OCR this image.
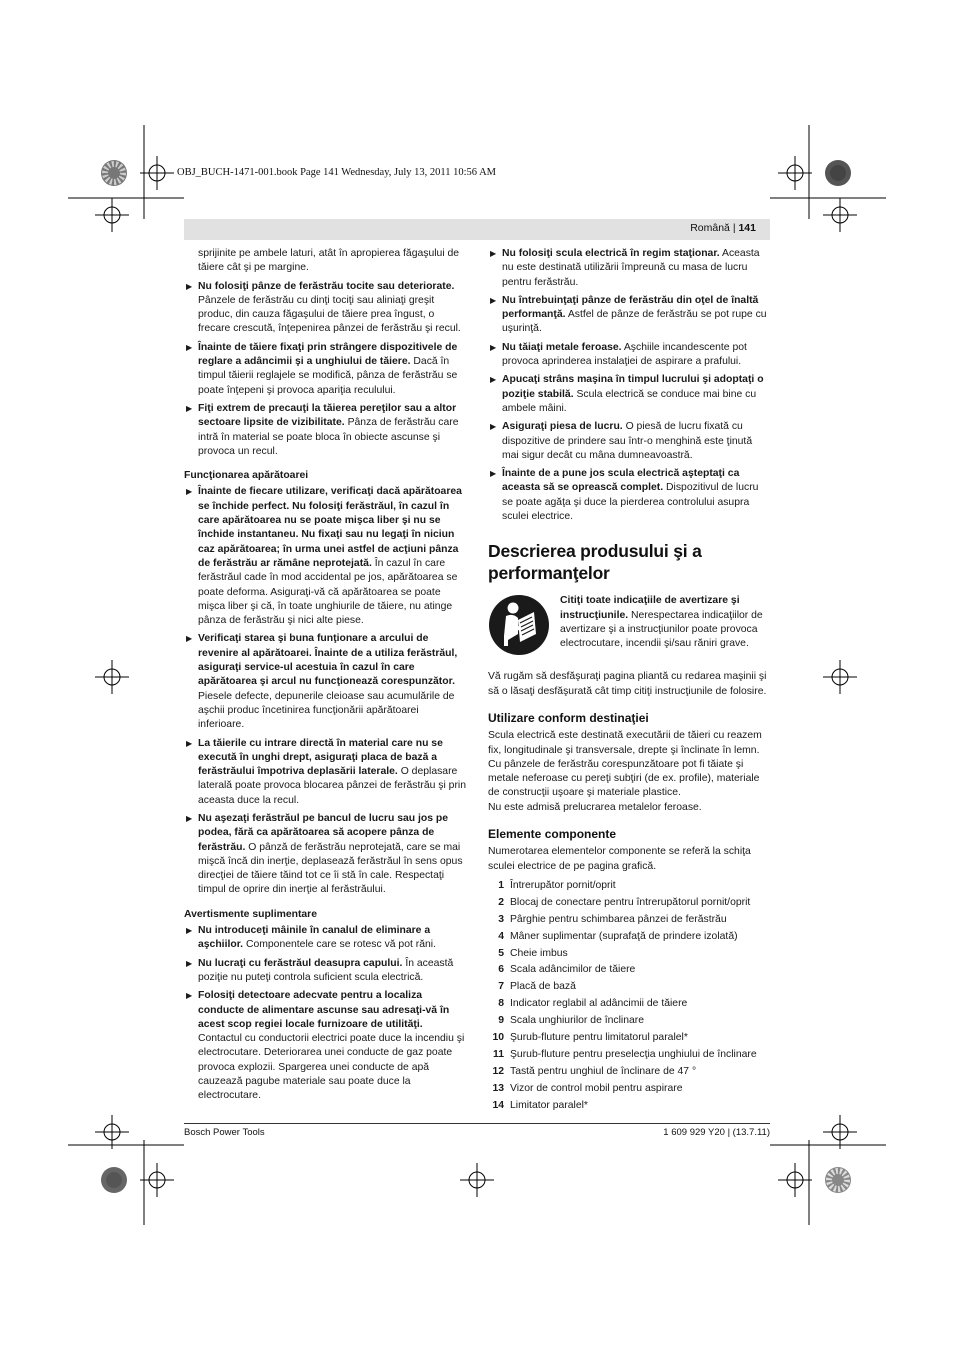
OBJ_BUCH-1471-001.book Page 141 Wednesday, July 13, 2011 10:56 AM
Română | 141

sprijinite pe ambele laturi, atât în apropierea făgaşului de tăiere cât şi pe margine.

▶ Nu folosiţi pânze de ferăstrău tocite sau deteriorate. Pânzele de ferăstrău cu dinţi tociţi sau aliniaţi greşit produc, din cauza făgaşului de tăiere prea îngust, o frecare crescută, înţepenirea pânzei de ferăstrău şi recul.
▶ Înainte de tăiere fixaţi prin strângere dispozitivele de reglare a adâncimii şi a unghiului de tăiere. Dacă în timpul tăierii reglajele se modifică, pânza de ferăstrău se poate înţepeni şi provoca apariţia reculului.
▶ Fiţi extrem de precauţi la tăierea pereţilor sau a altor sectoare lipsite de vizibilitate. Pânza de ferăstrău care intră în material se poate bloca în obiecte ascunse şi provoca un recul.
Funcţionarea apărătoarei
▶ Înainte de fiecare utilizare, verificaţi dacă apărătoarea se închide perfect. Nu folosiţi ferăstrăul, în cazul în care apărătoarea nu se poate mişca liber şi nu se închide instantaneu. Nu fixaţi sau nu legaţi în niciun caz apărătoarea; în urma unei astfel de acţiuni pânza de ferăstrău ar rămâne neprotejată. În cazul în care ferăstrăul cade în mod accidental pe jos, apărătoarea se poate deforma. Asiguraţi-vă că apărătoarea se poate mişca liber şi că, în toate unghiurile de tăiere, nu atinge pânza de ferăstrău şi nici alte piese.
▶ Verificaţi starea şi buna funţionare a arcului de revenire al apărătoarei. Înainte de a utiliza ferăstrăul, asiguraţi service-ul acestuia în cazul în care apărătoarea şi arcul nu funcţionează corespunzător. Piesele defecte, depunerile cleioase sau acumulările de aşchii produc încetinirea funcţionării apărătoarei inferioare.
▶ La tăierile cu intrare directă în material care nu se execută în unghi drept, asiguraţi placa de bază a ferăstrăului împotriva deplasării laterale. O deplasare laterală poate provoca blocarea pânzei de ferăstrău şi prin aceasta duce la recul.
▶ Nu aşezaţi ferăstrăul pe bancul de lucru sau jos pe podea, fără ca apărătoarea să acopere pânza de ferăstrău. O pânză de ferăstrău neprotejată, care se mai mişcă încă din inerţie, deplasează ferăstrăul în sens opus direcţiei de tăiere tăind tot ce îi stă în cale. Respectaţi timpul de oprire din inerţie al ferăstrăului.
Avertismente suplimentare
▶ Nu introduceţi mâinile în canalul de eliminare a aşchiilor. Componentele care se rotesc vă pot răni.
▶ Nu lucraţi cu ferăstrăul deasupra capului. În această poziţie nu puteţi controla suficient scula electrică.
▶ Folosiţi detectoare adecvate pentru a localiza conducte de alimentare ascunse sau adresaţi-vă în acest scop regiei locale furnizoare de utilităţi. Contactul cu conductorii electrici poate duce la incendiu şi electrocutare. Deteriorarea unei conducte de gaz poate provoca explozii. Spargerea unei conducte de apă cauzează pagube materiale sau poate duce la electrocutare.
▶ Nu folosiţi scula electrică în regim staţionar. Aceasta nu este destinată utilizării împreună cu masa de lucru pentru ferăstrău.
▶ Nu întrebuinţaţi pânze de ferăstrău din oţel de înaltă performanţă. Astfel de pânze de ferăstrău se pot rupe cu uşurinţă.
▶ Nu tăiaţi metale feroase. Aşchiile incandescente pot provoca aprinderea instalaţiei de aspirare a prafului.
▶ Apucaţi strâns maşina în timpul lucrului şi adoptaţi o poziţie stabilă. Scula electrică se conduce mai bine cu ambele mâini.
▶ Asiguraţi piesa de lucru. O piesă de lucru fixată cu dispozitive de prindere sau într-o menghină este ţinută mai sigur decât cu mâna dumneavoastră.
▶ Înainte de a pune jos scula electrică aşteptaţi ca aceasta să se oprească complet. Dispozitivul de lucru se poate agăţa şi duce la pierderea controlului asupra sculei electrice.
Descrierea produsului şi a performanţelor
Citiţi toate indicaţiile de avertizare şi instrucţiunile. Nerespectarea indicaţiilor de avertizare şi a instrucţiunilor poate provoca electrocutare, incendii şi/sau răniri grave.

Vă rugăm să desfăşuraţi pagina pliantă cu redarea maşinii şi să o lăsaţi desfăşurată cât timp citiţi instrucţiunile de folosire.

Utilizare conform destinaţiei

Scula electrică este destinată executării de tăieri cu reazem fix, longitudinale şi transversale, drepte şi înclinate în lemn. Cu pânzele de ferăstrău corespunzătoare pot fi tăiate şi metale neferoase cu pereţi subţiri (de ex. profile), materiale de construcţii uşoare şi materiale plastice.

Nu este admisă prelucrarea metalelor feroase.

Elemente componente

Numerotarea elementelor componente se referă la schiţa sculei electrice de pe pagina grafică.

1 Întrerupător pornit/oprit
2 Blocaj de conectare pentru întrerupătorul pornit/oprit
3 Pârghie pentru schimbarea pânzei de ferăstrău
4 Mâner suplimentar (suprafaţă de prindere izolată)
5 Cheie imbus
6 Scala adâncimilor de tăiere
7 Placă de bază
8 Indicator reglabil al adâncimii de tăiere
9 Scala unghiurilor de înclinare
10 Şurub-fluture pentru limitatorul paralel*
11 Şurub-fluture pentru preselecţia unghiului de înclinare
12 Tastă pentru unghiul de înclinare de 47 °
13 Vizor de control mobil pentru aspirare
14 Limitator paralel*
Bosch Power Tools	1 609 929 Y20 | (13.7.11)
